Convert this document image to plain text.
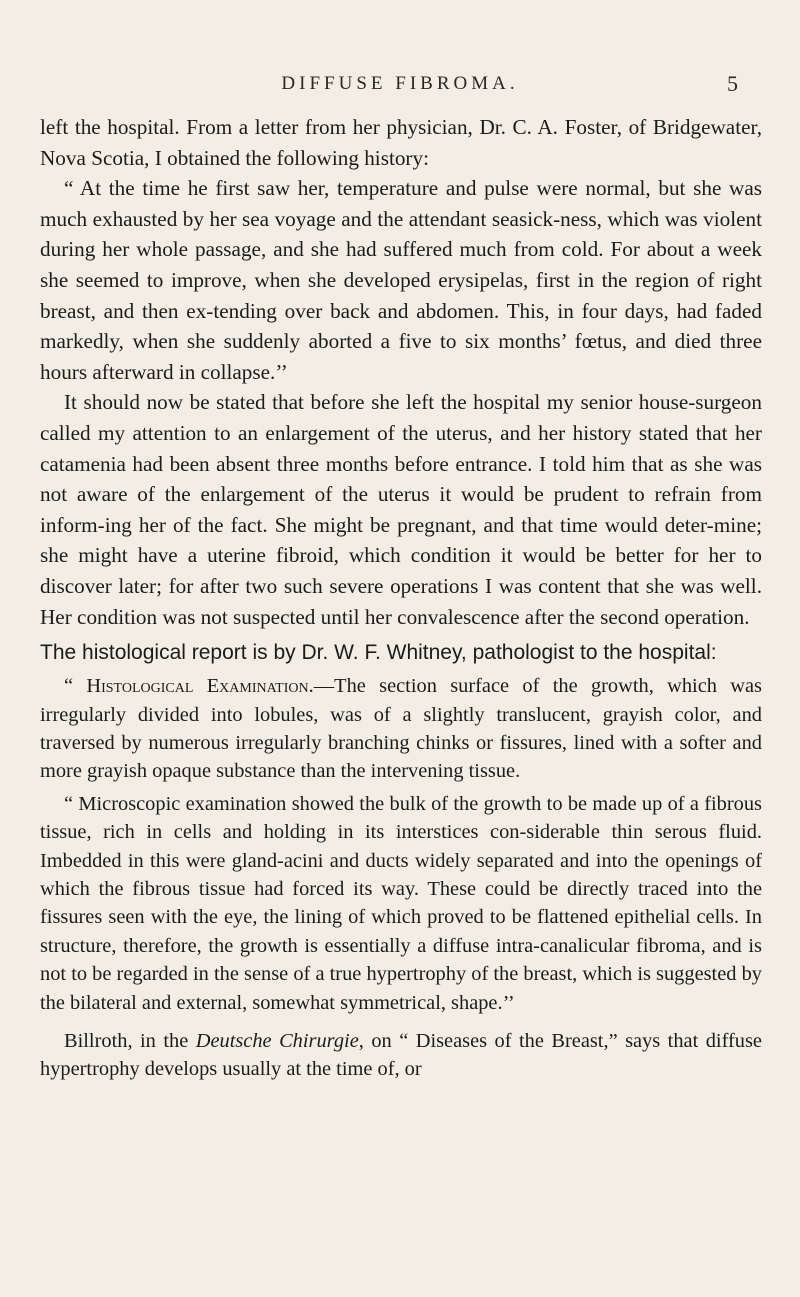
DIFFUSE FIBROMA.	5

left the hospital. From a letter from her physician, Dr. C. A. Foster, of Bridgewater, Nova Scotia, I obtained the following history:

“ At the time he first saw her, temperature and pulse were normal, but she was much exhausted by her sea voyage and the attendant seasick-ness, which was violent during her whole passage, and she had suffered much from cold. For about a week she seemed to improve, when she developed erysipelas, first in the region of right breast, and then ex-tending over back and abdomen. This, in four days, had faded markedly, when she suddenly aborted a five to six months’ fœtus, and died three hours afterward in collapse.’’

It should now be stated that before she left the hospital my senior house-surgeon called my attention to an enlargement of the uterus, and her history stated that her catamenia had been absent three months before entrance. I told him that as she was not aware of the enlargement of the uterus it would be prudent to refrain from inform-ing her of the fact. She might be pregnant, and that time would deter-mine; she might have a uterine fibroid, which condition it would be better for her to discover later; for after two such severe operations I was content that she was well. Her condition was not suspected until her convalescence after the second operation.

The histological report is by Dr. W. F. Whitney, pathologist to the hospital:

“ Histological Examination.—The section surface of the growth, which was irregularly divided into lobules, was of a slightly translucent, grayish color, and traversed by numerous irregularly branching chinks or fissures, lined with a softer and more grayish opaque substance than the intervening tissue.

“ Microscopic examination showed the bulk of the growth to be made up of a fibrous tissue, rich in cells and holding in its interstices con-siderable thin serous fluid. Imbedded in this were gland-acini and ducts widely separated and into the openings of which the fibrous tissue had forced its way. These could be directly traced into the fissures seen with the eye, the lining of which proved to be flattened epithelial cells. In structure, therefore, the growth is essentially a diffuse intra-canalicular fibroma, and is not to be regarded in the sense of a true hypertrophy of the breast, which is suggested by the bilateral and external, somewhat symmetrical, shape.’’

Billroth, in the Deutsche Chirurgie, on “ Diseases of the Breast,” says that diffuse hypertrophy develops usually at the time of, or
